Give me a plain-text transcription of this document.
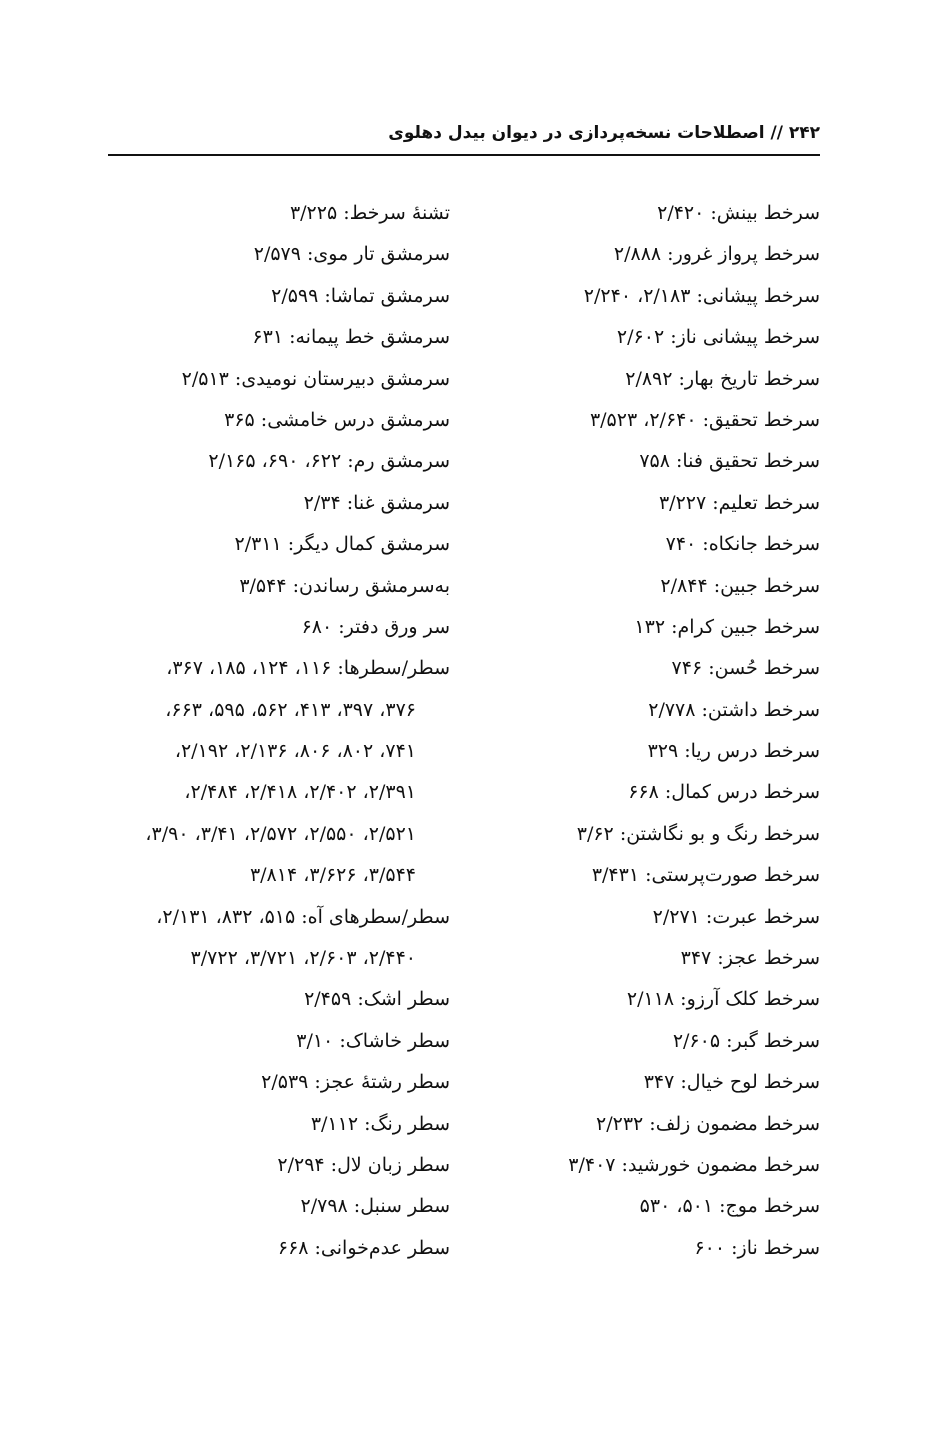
۲۴۲ // اصطلاحات نسخه‌پردازی در دیوان بیدل دهلوی
سرخط بینش: ۲/۴۲۰
سرخط پرواز غرور: ۲/۸۸۸
سرخط پیشانی: ۲/۱۸۳، ۲/۲۴۰
سرخط پیشانی ناز: ۲/۶۰۲
سرخط تاریخ بهار: ۲/۸۹۲
سرخط تحقیق: ۲/۶۴۰، ۳/۵۲۳
سرخط تحقیق فنا: ۷۵۸
سرخط تعلیم: ۳/۲۲۷
سرخط جانکاه: ۷۴۰
سرخط جبین: ۲/۸۴۴
سرخط جبین کرام: ۱۳۲
سرخط حُسن: ۷۴۶
سرخط داشتن: ۲/۷۷۸
سرخط درس ریا: ۳۲۹
سرخط درس کمال: ۶۶۸
سرخط رنگ و بو نگاشتن: ۳/۶۲
سرخط صورت‌پرستی: ۳/۴۳۱
سرخط عبرت: ۲/۲۷۱
سرخط عجز: ۳۴۷
سرخط کلک آرزو: ۲/۱۱۸
سرخط گبر: ۲/۶۰۵
سرخط لوح خیال: ۳۴۷
سرخط مضمون زلف: ۲/۲۳۲
سرخط مضمون خورشید: ۳/۴۰۷
سرخط موج: ۵۰۱، ۵۳۰
سرخط ناز: ۶۰۰
تشنهٔ سرخط: ۳/۲۲۵
سرمشق تار موی: ۲/۵۷۹
سرمشق تماشا: ۲/۵۹۹
سرمشق خط پیمانه: ۶۳۱
سرمشق دبیرستان نومیدی: ۲/۵۱۳
سرمشق درس خامشی: ۳۶۵
سرمشق رم: ۶۲۲، ۶۹۰، ۲/۱۶۵
سرمشق غنا: ۲/۳۴
سرمشق کمال دیگر: ۲/۳۱۱
به‌سرمشق رساندن: ۳/۵۴۴
سر ورق دفتر: ۶۸۰
سطر/سطرها: ۱۱۶، ۱۲۴، ۱۸۵، ۳۶۷،
۳۷۶، ۳۹۷، ۴۱۳، ۵۶۲، ۵۹۵، ۶۶۳،
۷۴۱، ۸۰۲، ۸۰۶، ۲/۱۳۶، ۲/۱۹۲،
۲/۳۹۱، ۲/۴۰۲، ۲/۴۱۸، ۲/۴۸۴،
۲/۵۲۱، ۲/۵۵۰، ۲/۵۷۲، ۳/۴۱، ۳/۹۰،
۳/۵۴۴، ۳/۶۲۶، ۳/۸۱۴
سطر/سطرهای آه: ۵۱۵، ۸۳۲، ۲/۱۳۱،
۲/۴۴۰، ۲/۶۰۳، ۳/۷۲۱، ۳/۷۲۲
سطر اشک: ۲/۴۵۹
سطر خاشاک: ۳/۱۰
سطر رشتهٔ عجز: ۲/۵۳۹
سطر رنگ: ۳/۱۱۲
سطر زبان لال: ۲/۲۹۴
سطر سنبل: ۲/۷۹۸
سطر عدم‌خوانی: ۶۶۸
